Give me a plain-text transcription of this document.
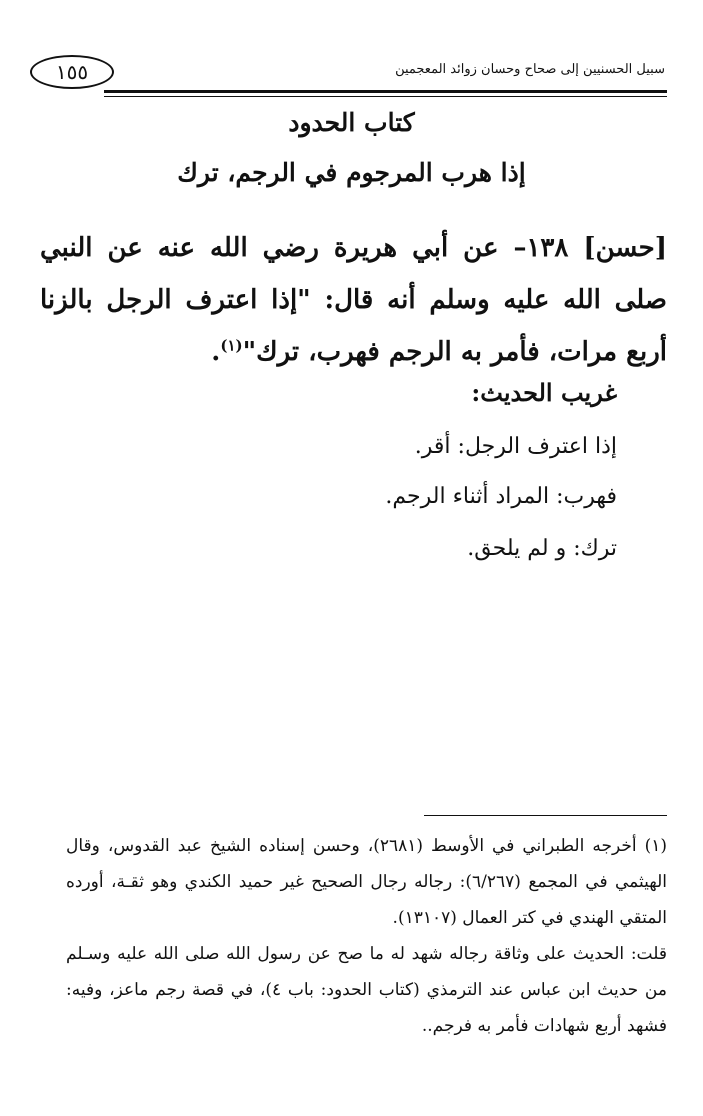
سبيل الحسنيين إلى صحاح وحسان زوائد المعجمين
١٥٥
كتاب الحدود
إذا هرب المرجوم في الرجم، ترك
[حسن] ١٣٨– عن أبي هريرة رضي الله عنه عن النبي صلى الله عليه وسلم أنه قال: "إذا اعترف الرجل بالزنا أربع مرات، فأمر به الرجم فهرب، ترك"$^{(١)}$.
غريب الحديث:
إذا اعترف الرجل: أقر.
فهرب: المراد أثناء الرجم.
ترك: و لم يلحق.

(١) أخرجه الطبراني في الأوسط (٢٦٨١)، وحسن إسناده الشيخ عبد القدوس، وقال الهيثمي في المجمع (٦/٢٦٧): رجاله رجال الصحيح غير حميد الكندي وهو ثقـة، أورده المتقي الهندي في كتر العمال (١٣١٠٧).

قلت: الحديث على وثاقة رجاله شهد له ما صح عن رسول الله صلى الله عليه وسـلم من حديث ابن عباس عند الترمذي (كتاب الحدود: باب ٤)، في قصة رجم ماعز، وفيه: فشهد أربع شهادات فأمر به فرجم..
